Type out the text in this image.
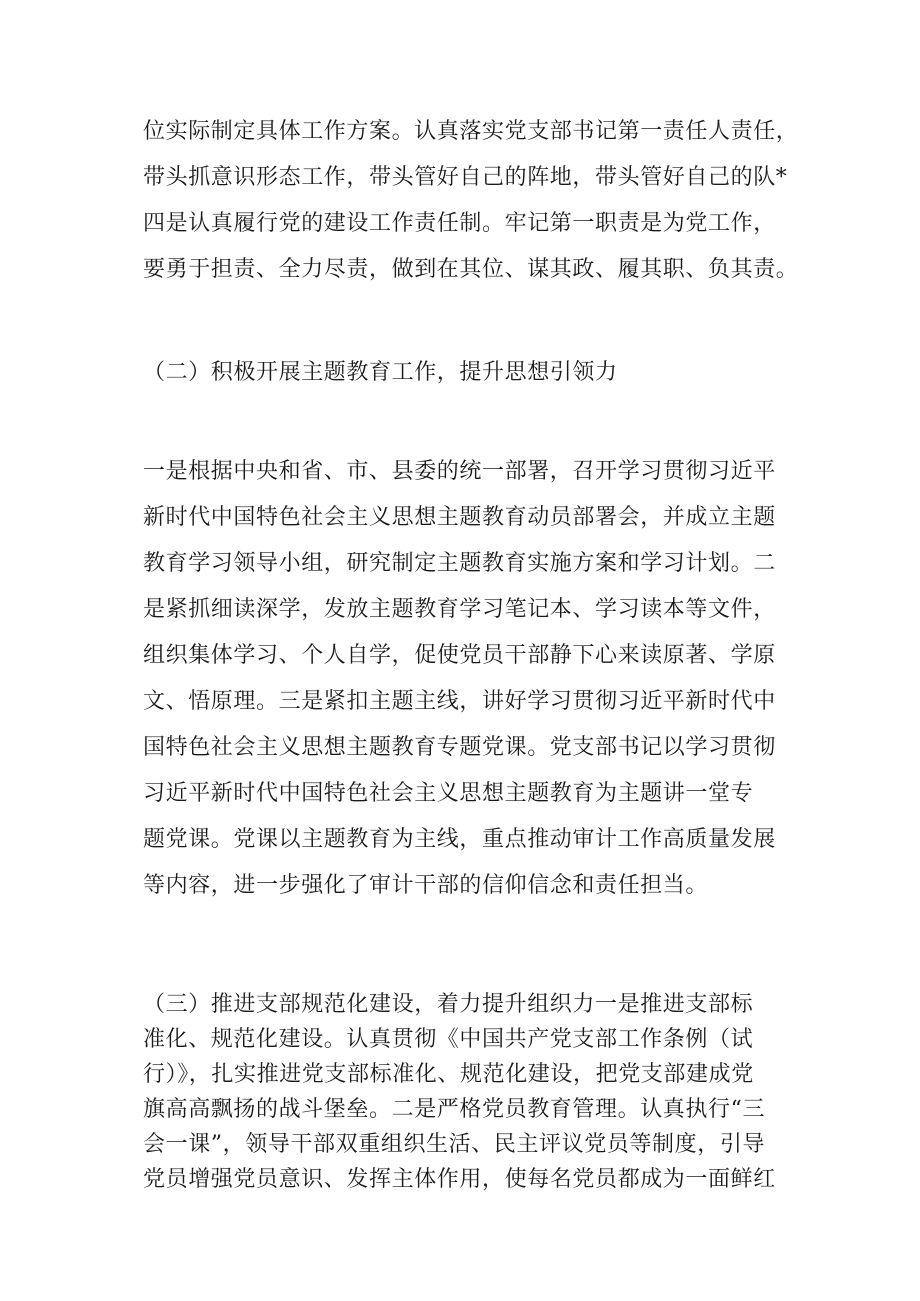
位实际制定具体工作方案。认真落实党支部书记第一责任人责任，
带头抓意识形态工作，带头管好自己的阵地，带头管好自己的队*
四是认真履行党的建设工作责任制。牢记第一职责是为党工作，
要勇于担责、全力尽责，做到在其位、谋其政、履其职、负其责。
（二）积极开展主题教育工作，提升思想引领力
一是根据中央和省、市、县委的统一部署，召开学习贯彻习近平
新时代中国特色社会主义思想主题教育动员部署会，并成立主题
教育学习领导小组，研究制定主题教育实施方案和学习计划。二
是紧抓细读深学，发放主题教育学习笔记本、学习读本等文件，
组织集体学习、个人自学，促使党员干部静下心来读原著、学原
文、悟原理。三是紧扣主题主线，讲好学习贯彻习近平新时代中
国特色社会主义思想主题教育专题党课。党支部书记以学习贯彻
习近平新时代中国特色社会主义思想主题教育为主题讲一堂专
题党课。党课以主题教育为主线，重点推动审计工作高质量发展
等内容，进一步强化了审计干部的信仰信念和责任担当。
（三）推进支部规范化建设，着力提升组织力一是推进支部标
准化、规范化建设。认真贯彻《中国共产党支部工作条例（试
行）》，扎实推进党支部标准化、规范化建设，把党支部建成党
旗高高飘扬的战斗堡垒。二是严格党员教育管理。认真执行“三
会一课”，领导干部双重组织生活、民主评议党员等制度，引导
党员增强党员意识、发挥主体作用，使每名党员都成为一面鲜红
